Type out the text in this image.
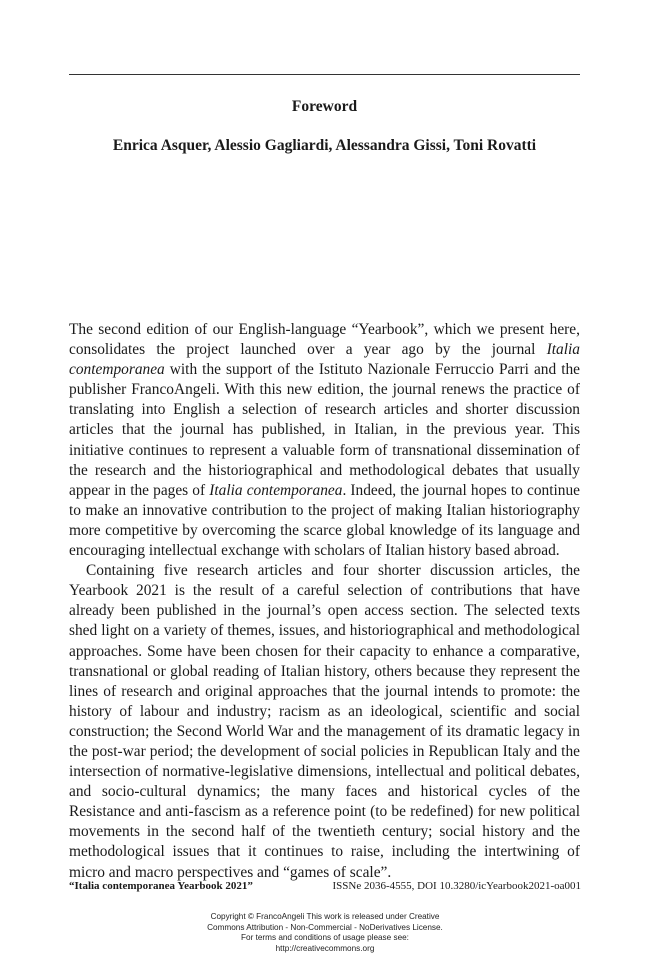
Foreword
Enrica Asquer, Alessio Gagliardi, Alessandra Gissi, Toni Rovatti

The second edition of our English-language “Yearbook”, which we present here, consolidates the project launched over a year ago by the journal Italia contemporanea with the support of the Istituto Nazionale Ferruccio Parri and the publisher FrancoAngeli. With this new edition, the journal renews the practice of translating into English a selection of research articles and shorter discussion articles that the journal has published, in Italian, in the previous year. This initiative continues to represent a valuable form of transnational dissemination of the research and the historiographical and methodological debates that usually appear in the pages of Italia contemporanea. Indeed, the journal hopes to continue to make an innovative contribution to the project of making Italian historiography more competitive by overcoming the scarce global knowledge of its language and encouraging intellectual exchange with scholars of Italian history based abroad.

Containing five research articles and four shorter discussion articles, the Yearbook 2021 is the result of a careful selection of contributions that have already been published in the journal’s open access section. The selected texts shed light on a variety of themes, issues, and historiographical and methodological approaches. Some have been chosen for their capacity to enhance a comparative, transnational or global reading of Italian history, others because they represent the lines of research and original approaches that the journal intends to promote: the history of labour and industry; racism as an ideological, scientific and social construction; the Second World War and the management of its dramatic legacy in the post-war period; the development of social policies in Republican Italy and the intersection of normative-legislative dimensions, intellectual and political debates, and socio-cultural dynamics; the many faces and historical cycles of the Resistance and anti-fascism as a reference point (to be redefined) for new political movements in the second half of the twentieth century; social history and the methodological issues that it continues to raise, including the intertwining of micro and macro perspectives and “games of scale”.

“Italia contemporanea Yearbook 2021”	ISSNe 2036-4555, DOI 10.3280/icYearbook2021-oa001
Copyright © FrancoAngeli This work is released under Creative
Commons Attribution - Non-Commercial - NoDerivatives License.
For terms and conditions of usage please see:
http://creativecommons.org
